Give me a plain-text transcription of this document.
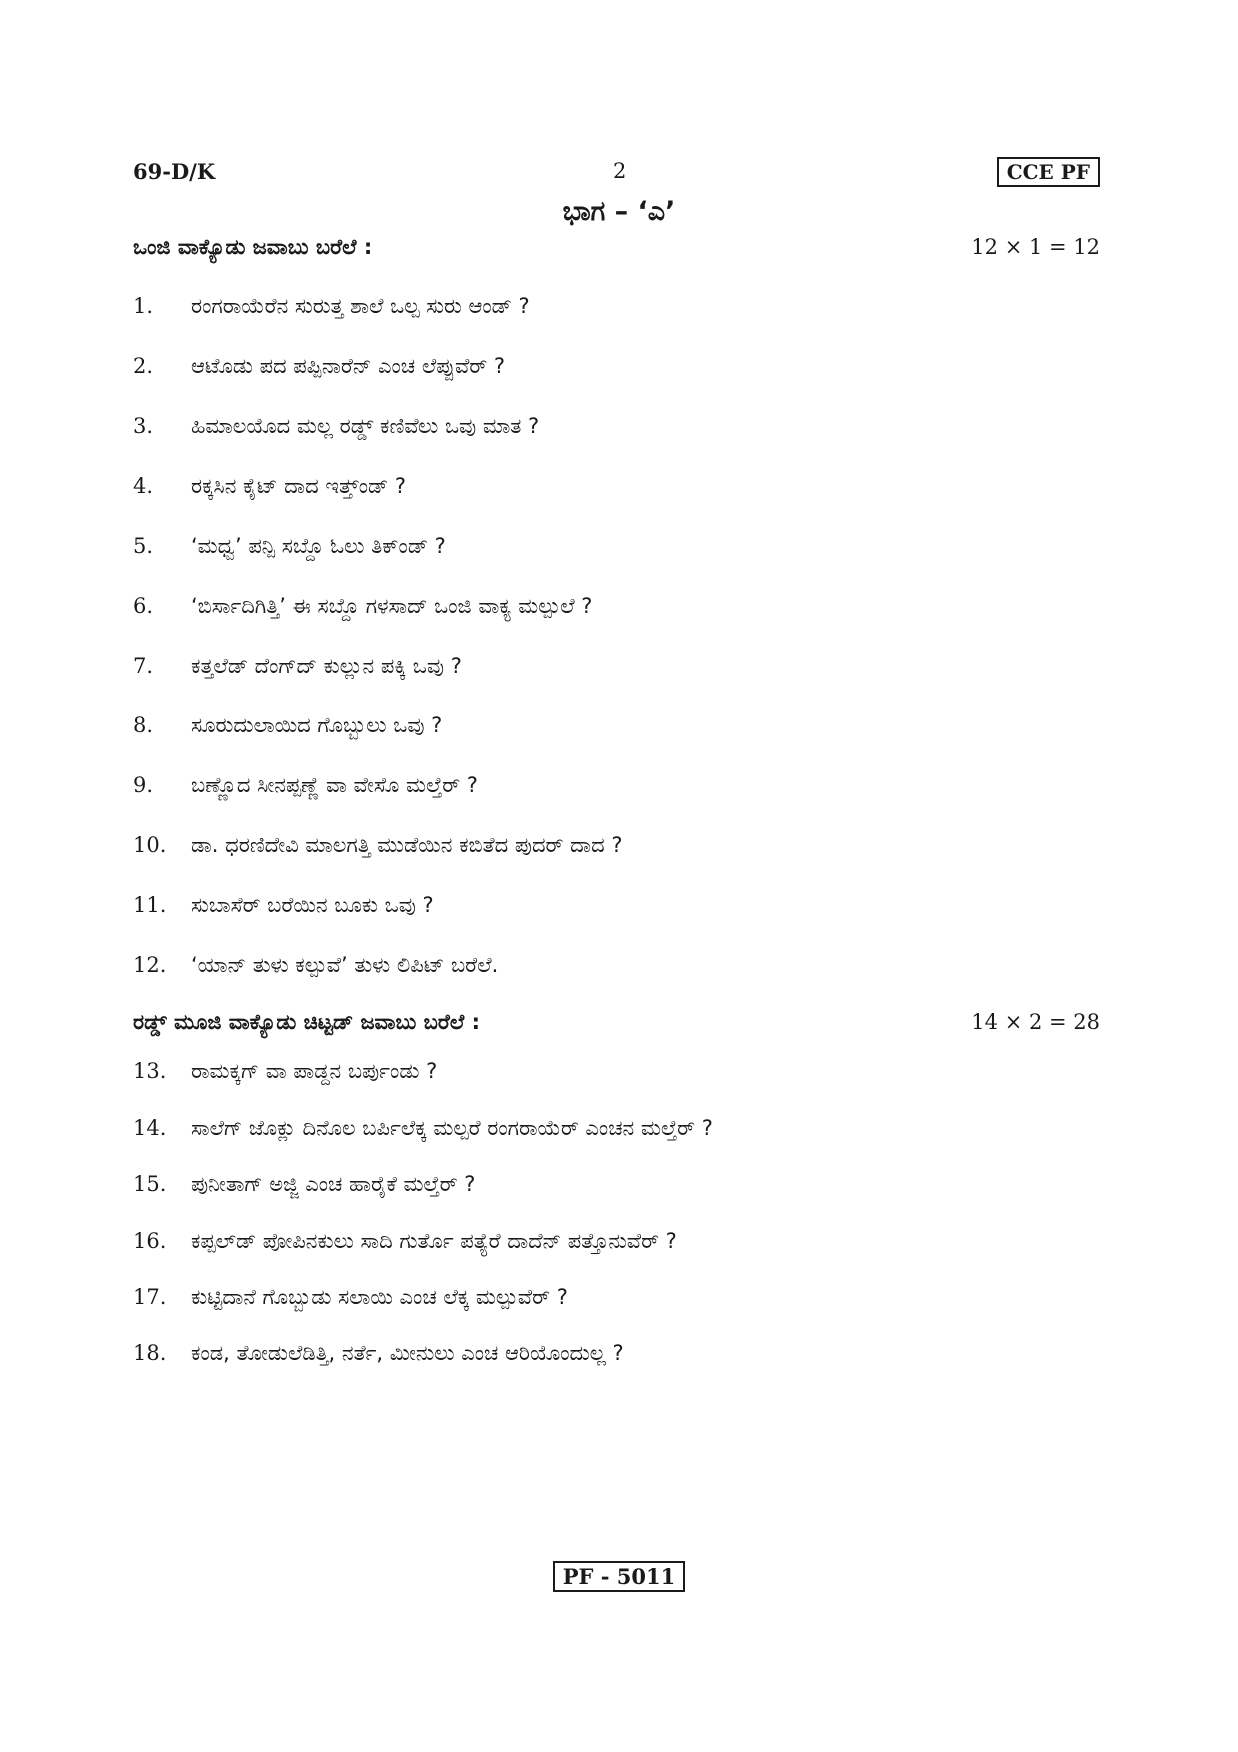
69-D/K	2	CCE PF
ಭಾಗ – ‘ಎ’
ಒಂಜಿ ವಾಕ್ಯೊಡು ಜವಾಬು ಬರೆಲೆ :	12 × 1 = 12
1.	ರಂಗರಾಯೆರೆನ ಸುರುತ್ತ ಶಾಲೆ ಒಲ್ಪ ಸುರು ಆಂಡ್ ?
2.	ಆಟೊಡು ಪದ ಪಪ್ಪಿನಾರೆನ್ ಎಂಚ ಲೆಪ್ಪುವೆರ್ ?
3.	ಹಿಮಾಲಯೊದ ಮಲ್ಲ ರಡ್ಡ್ ಕಣಿವೆಲು ಒವು ಮಾತ ?
4.	ರಕ್ಕಸಿನ ಕೈಟ್ ದಾದ ಇತ್ತ್ಂಡ್ ?
5.	‘ಮಧ್ವ’ ಪನ್ಪಿ ಸಬ್ದೊ ಓಲು ತಿಕ್ಂಡ್ ?
6.	‘ಬಿರ್ಸಾದಿಗಿತ್ತಿ’ ಈ ಸಬ್ದೊ ಗಳಸಾದ್ ಒಂಜಿ ವಾಕ್ಯ ಮಲ್ಪುಲೆ ?
7.	ಕತ್ತಲೆಡ್ ದೆಂಗ್‌ದ್ ಕುಲ್ಲುನ ಪಕ್ಕಿ ಒವು ?
8.	ಸೂರುದುಲಾಯಿದ ಗೊಬ್ಬುಲು ಒವು ?
9.	ಬಣ್ಣೊದ ಸೀನಪ್ಪಣ್ಣೆ ವಾ ವೇಸೊ ಮಲ್ತೆರ್ ?
10.	ಡಾ. ಧರಣಿದೇವಿ ಮಾಲಗತ್ತಿ ಮುಡೆಯಿನ ಕಬಿತೆದ ಪುದರ್ ದಾದ ?
11.	ಸುಬಾಸೆರ್ ಬರೆಯಿನ ಬೂಕು ಒವು ?
12.	‘ಯಾನ್ ತುಳು ಕಲ್ಪುವೆ’ ತುಳು ಲಿಪಿಟ್ ಬರೆಲೆ.
ರಡ್ಡ್ ಮೂಜಿ ವಾಕ್ಯೊಡು ಚಿಟ್ಟಡ್ ಜವಾಬು ಬರೆಲೆ :	14 × 2 = 28
13.	ರಾಮಕ್ಕಗ್ ವಾ ಪಾಡ್ದನ ಬರ್ಪುಂಡು ?
14.	ಸಾಲೆಗ್ ಜೊಕ್ಲು ದಿನೊಲ ಬರ್ಪಿಲೆಕ್ಕ ಮಲ್ಪರೆ ರಂಗರಾಯೆರ್ ಎಂಚನ ಮಲ್ತೆರ್ ?
15.	ಪುನೀತಾಗ್ ಅಜ್ಜಿ ಎಂಚ ಹಾರೈಕೆ ಮಲ್ತೆರ್ ?
16.	ಕಪ್ಪಲ್‌ಡ್ ಪೋಪಿನಕುಲು ಸಾದಿ ಗುರ್ತೊ ಪತ್ಯೆರೆ ದಾದೆನ್ ಪತ್ತೊನುವೆರ್ ?
17.	ಕುಟ್ಟಿದಾನೆ ಗೊಬ್ಬುಡು ಸಲಾಯಿ ಎಂಚ ಲೆಕ್ಕ ಮಲ್ಪುವೆರ್ ?
18.	ಕಂಡ, ತೋಡುಲೆಡಿತ್ತಿ, ನರ್ತೆ, ಮೀನುಲು ಎಂಚ ಆರಿಯೊಂದುಲ್ಲ ?
PF - 5011
